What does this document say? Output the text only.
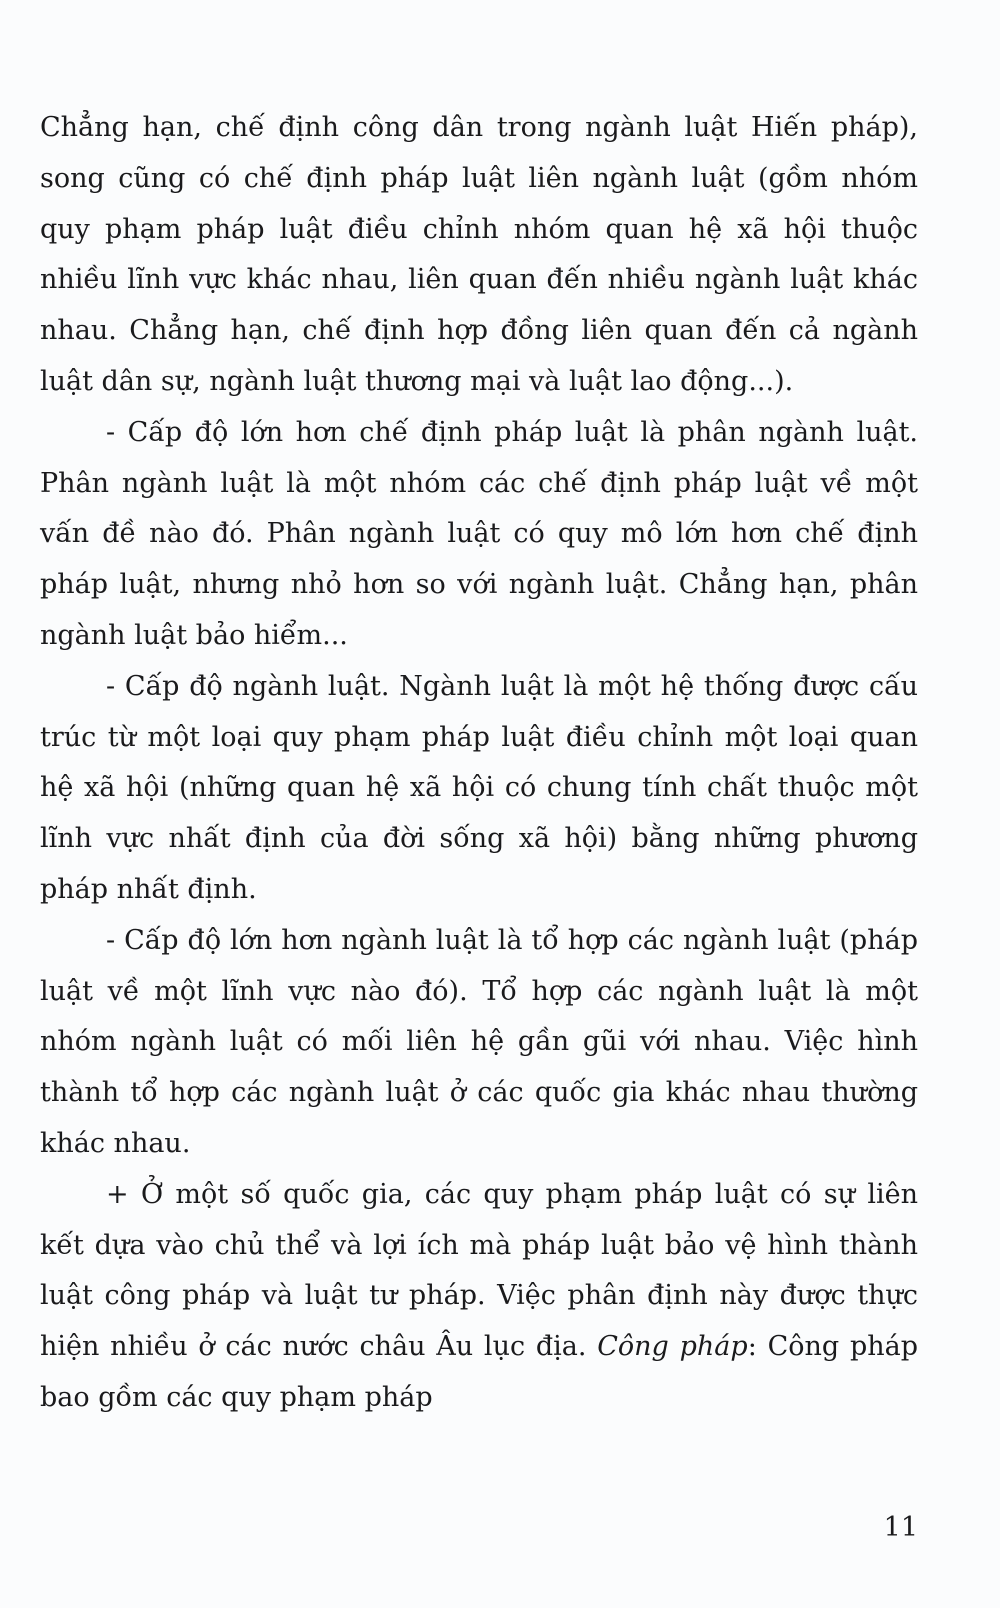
Chẳng hạn, chế định công dân trong ngành luật Hiến pháp), song cũng có chế định pháp luật liên ngành luật (gồm nhóm quy phạm pháp luật điều chỉnh nhóm quan hệ xã hội thuộc nhiều lĩnh vực khác nhau, liên quan đến nhiều ngành luật khác nhau. Chẳng hạn, chế định hợp đồng liên quan đến cả ngành luật dân sự, ngành luật thương mại và luật lao động...).

- Cấp độ lớn hơn chế định pháp luật là phân ngành luật. Phân ngành luật là một nhóm các chế định pháp luật về một vấn đề nào đó. Phân ngành luật có quy mô lớn hơn chế định pháp luật, nhưng nhỏ hơn so với ngành luật. Chẳng hạn, phân ngành luật bảo hiểm...

- Cấp độ ngành luật. Ngành luật là một hệ thống được cấu trúc từ một loại quy phạm pháp luật điều chỉnh một loại quan hệ xã hội (những quan hệ xã hội có chung tính chất thuộc một lĩnh vực nhất định của đời sống xã hội) bằng những phương pháp nhất định.

- Cấp độ lớn hơn ngành luật là tổ hợp các ngành luật (pháp luật về một lĩnh vực nào đó). Tổ hợp các ngành luật là một nhóm ngành luật có mối liên hệ gần gũi với nhau. Việc hình thành tổ hợp các ngành luật ở các quốc gia khác nhau thường khác nhau.

+ Ở một số quốc gia, các quy phạm pháp luật có sự liên kết dựa vào chủ thể và lợi ích mà pháp luật bảo vệ hình thành luật công pháp và luật tư pháp. Việc phân định này được thực hiện nhiều ở các nước châu Âu lục địa. Công pháp: Công pháp bao gồm các quy phạm pháp

11
